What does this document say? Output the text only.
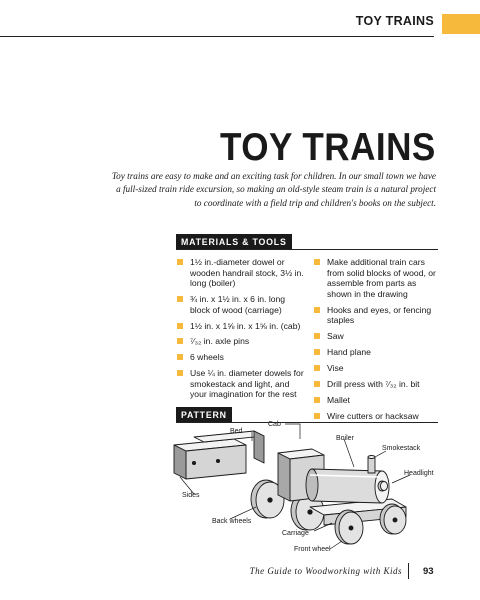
TOY TRAINS
TOY TRAINS
Toy trains are easy to make and an exciting task for children. In our small town we have a full-sized train ride excursion, so making an old-style steam train is a natural project to coordinate with a field trip and children's books on the subject.
MATERIALS & TOOLS
1½ in.-diameter dowel or wooden handrail stock, 3½ in. long (boiler)
¾ in. x 1½ in. x 6 in. long block of wood (carriage)
1½ in. x 1⅝ in. x 1⅝ in. (cab)
⁷⁄₃₂ in. axle pins
6 wheels
Use ¼ in. diameter dowels for smokestack and light, and your imagination for the rest
Make additional train cars from solid blocks of wood, or assemble from parts as shown in the drawing
Hooks and eyes, or fencing staples
Saw
Hand plane
Vise
Drill press with ⁷⁄₃₂ in. bit
Mallet
Wire cutters or hacksaw
PATTERN
Cab
Bed
Boiler
Smokestack
Headlight
Sides
Back wheels
Carriage
Front wheel
The Guide to Woodworking with Kids 93
